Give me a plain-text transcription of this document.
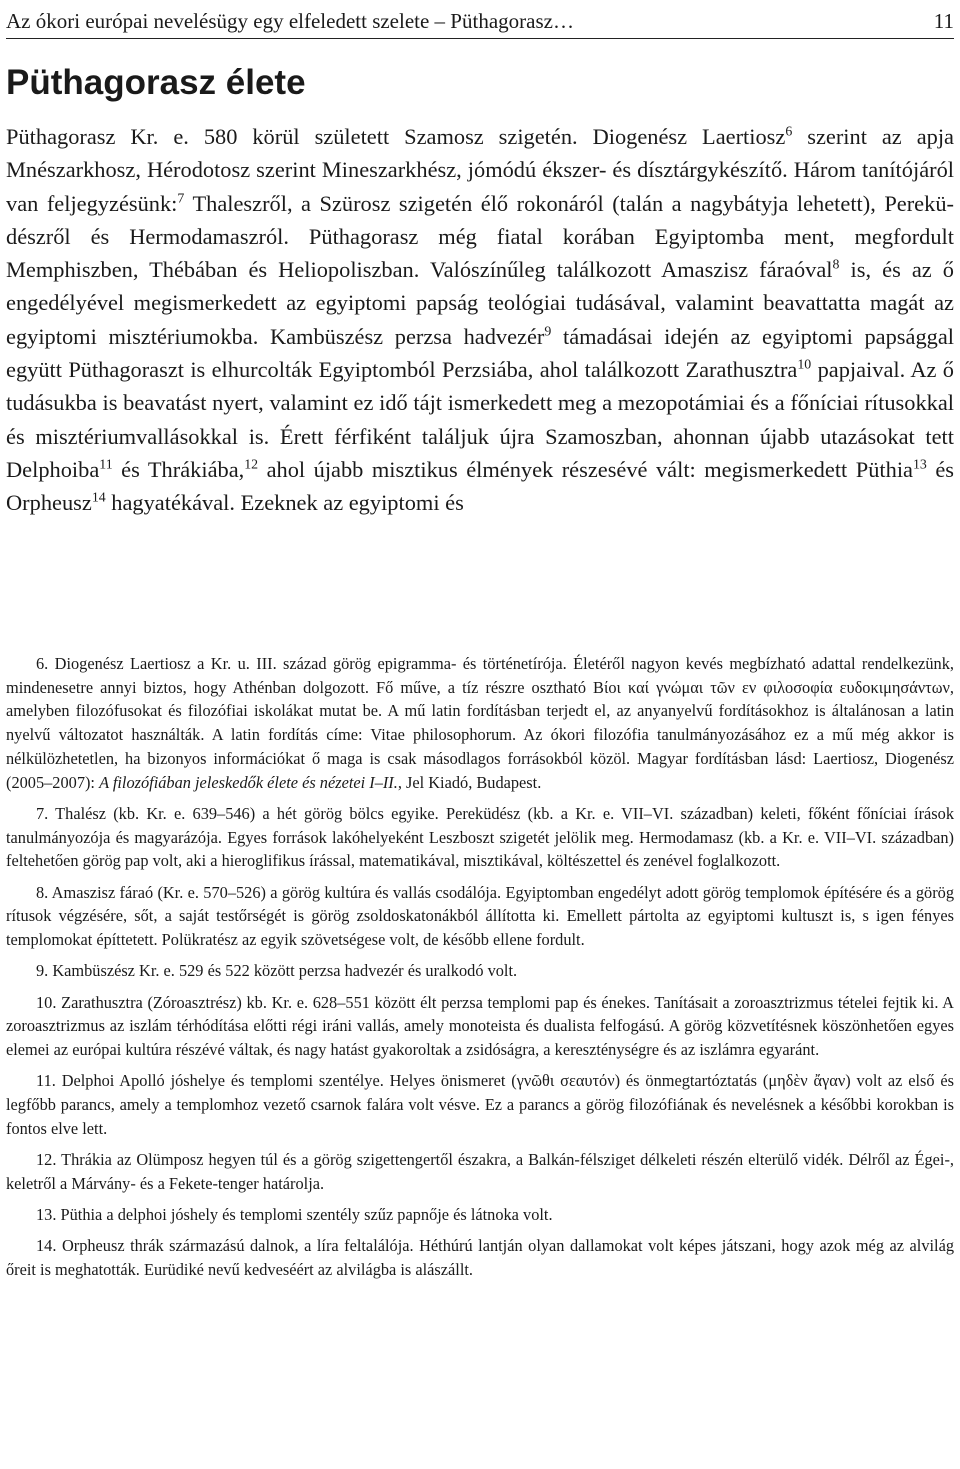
Az ókori európai nevelésügy egy elfeledett szelete – Püthagorasz…	11
Püthagorasz élete

Püthagorasz Kr. e. 580 körül született Szamosz szigetén. Diogenész Laertiosz$^6$ szerint az apja Mnészarkhosz, Hérodotosz szerint Mineszarkhész, jómódú ékszer- és dísztárgykészítő. Három tanítójáról van feljegyzésünk:$^7$ Thaleszről, a Szürosz szigetén élő rokonáról (talán a nagybátyja lehetett), Pereküdészről és Hermodamaszról. Püthagorasz még fiatal korában Egyiptomba ment, megfordult Memphiszben, Thébában és Heliopoliszban. Valószínűleg találkozott Amaszisz fáraóval$^8$ is, és az ő engedélyével megismerkedett az egyiptomi papság teológiai tudásával, valamint beavattatta magát az egyiptomi misztériumokba. Kambüszész perzsa hadvezér$^9$ támadásai idején az egyiptomi papsággal együtt Püthagoraszt is elhurcolták Egyiptomból Perzsiába, ahol találkozott Zarathusztra$^{10}$ papjaival. Az ő tudásukba is beavatást nyert, valamint ez idő tájt ismerkedett meg a mezopotámiai és a főníciai rítusokkal és misztériumvallásokkal is. Érett férfiként találjuk újra Szamoszban, ahonnan újabb utazásokat tett Delphoiba$^{11}$ és Thrákiába,$^{12}$ ahol újabb misztikus élmények részesévé vált: megismerkedett Püthia$^{13}$ és Orpheusz$^{14}$ hagyatékával. Ezeknek az egyiptomi és

6. Diogenész Laertiosz a Kr. u. III. század görög epigramma- és történetírója. Életéről nagyon kevés megbízható adattal rendelkezünk, mindenesetre annyi biztos, hogy Athénban dolgozott. Fő műve, a tíz részre osztható Βίοι καί γνώμαι τῶν εν φιλοσοφία ευδοκιμησάντων, amelyben filozófusokat és filozófiai iskolákat mutat be. A mű latin fordításban terjedt el, az anyanyelvű fordításokhoz is általánosan a latin nyelvű változatot használták. A latin fordítás címe: Vitae philosophorum. Az ókori filozófia tanulmányozásához ez a mű még akkor is nélkülözhetetlen, ha bizonyos információkat ő maga is csak másodlagos forrásokból közöl. Magyar fordításban lásd: Laertiosz, Diogenész (2005–2007): A filozófiában jeleskedők élete és nézetei I–II., Jel Kiadó, Budapest.

7. Thalész (kb. Kr. e. 639–546) a hét görög bölcs egyike. Pereküdész (kb. a Kr. e. VII–VI. században) keleti, főként főníciai írások tanulmányozója és magyarázója. Egyes források lakóhelyeként Leszboszt szigetét jelölik meg. Hermodamasz (kb. a Kr. e. VII–VI. században) feltehetően görög pap volt, aki a hieroglifikus írással, matematikával, misztikával, költészettel és zenével foglalkozott.

8. Amaszisz fáraó (Kr. e. 570–526) a görög kultúra és vallás csodálója. Egyiptomban engedélyt adott görög templomok építésére és a görög rítusok végzésére, sőt, a saját testőrségét is görög zsoldoskatonákból állította ki. Emellett pártolta az egyiptomi kultuszt is, s igen fényes templomokat építtetett. Polükratész az egyik szövetségese volt, de később ellene fordult.

9. Kambüszész Kr. e. 529 és 522 között perzsa hadvezér és uralkodó volt.

10. Zarathusztra (Zóroasztrész) kb. Kr. e. 628–551 között élt perzsa templomi pap és énekes. Tanításait a zoroasztrizmus tételei fejtik ki. A zoroasztrizmus az iszlám térhódítása előtti régi iráni vallás, amely monoteista és dualista felfogású. A görög közvetítésnek köszönhetően egyes elemei az európai kultúra részévé váltak, és nagy hatást gyakoroltak a zsidóságra, a kereszténységre és az iszlámra egyaránt.

11. Delphoi Apolló jóshelye és templomi szentélye. Helyes önismeret (γνῶθι σεαυτόν) és önmegtartóztatás (μηδὲν ἄγαν) volt az első és legfőbb parancs, amely a templomhoz vezető csarnok falára volt vésve. Ez a parancs a görög filozófiának és nevelésnek a későbbi korokban is fontos elve lett.

12. Thrákia az Olümposz hegyen túl és a görög szigettengertől északra, a Balkán-félsziget délkeleti részén elterülő vidék. Délről az Égei-, keletről a Márvány- és a Fekete-tenger határolja.

13. Püthia a delphoi jóshely és templomi szentély szűz papnője és látnoka volt.

14. Orpheusz thrák származású dalnok, a líra feltalálója. Héthúrú lantján olyan dallamokat volt képes játszani, hogy azok még az alvilág őreit is meghatották. Eurüdiké nevű kedveséért az alvilágba is alászállt.
